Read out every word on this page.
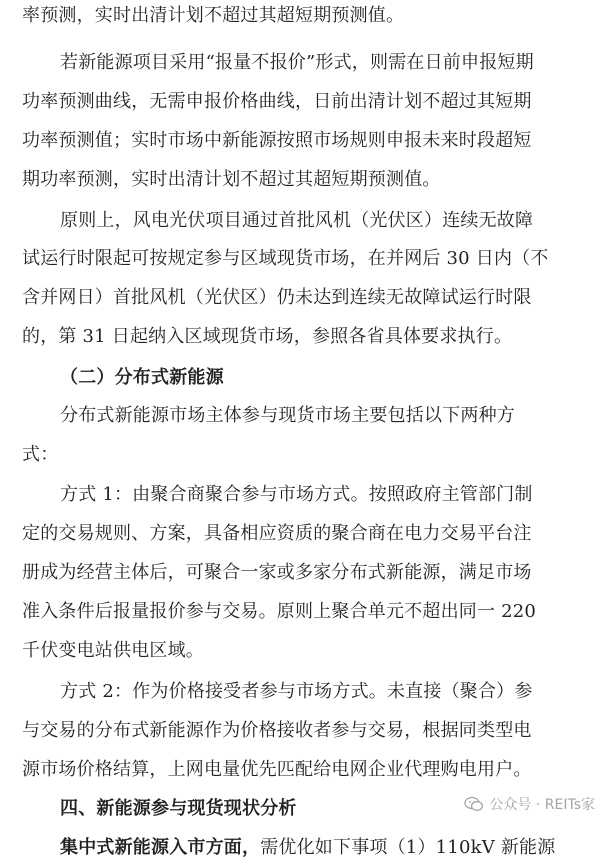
率预测，实时出清计划不超过其超短期预测值。
若新能源项目采用“报量不报价”形式，则需在日前申报短期
功率预测曲线，无需申报价格曲线，日前出清计划不超过其短期
功率预测值；实时市场中新能源按照市场规则申报未来时段超短
期功率预测，实时出清计划不超过其超短期预测值。
原则上，风电光伏项目通过首批风机（光伏区）连续无故障
试运行时限起可按规定参与区域现货市场，在并网后 30 日内（不
含并网日）首批风机（光伏区）仍未达到连续无故障试运行时限
的，第 31 日起纳入区域现货市场，参照各省具体要求执行。
（二）分布式新能源
分布式新能源市场主体参与现货市场主要包括以下两种方
式：
方式 1：由聚合商聚合参与市场方式。按照政府主管部门制
定的交易规则、方案，具备相应资质的聚合商在电力交易平台注
册成为经营主体后，可聚合一家或多家分布式新能源，满足市场
准入条件后报量报价参与交易。原则上聚合单元不超出同一 220
千伏变电站供电区域。
方式 2：作为价格接受者参与市场方式。未直接（聚合）参
与交易的分布式新能源作为价格接收者参与交易，根据同类型电
源市场价格结算，上网电量优先匹配给电网企业代理购电用户。
四、新能源参与现货现状分析
集中式新能源入市方面，需优化如下事项（1）110kV 新能源
公众号 · REITs家
